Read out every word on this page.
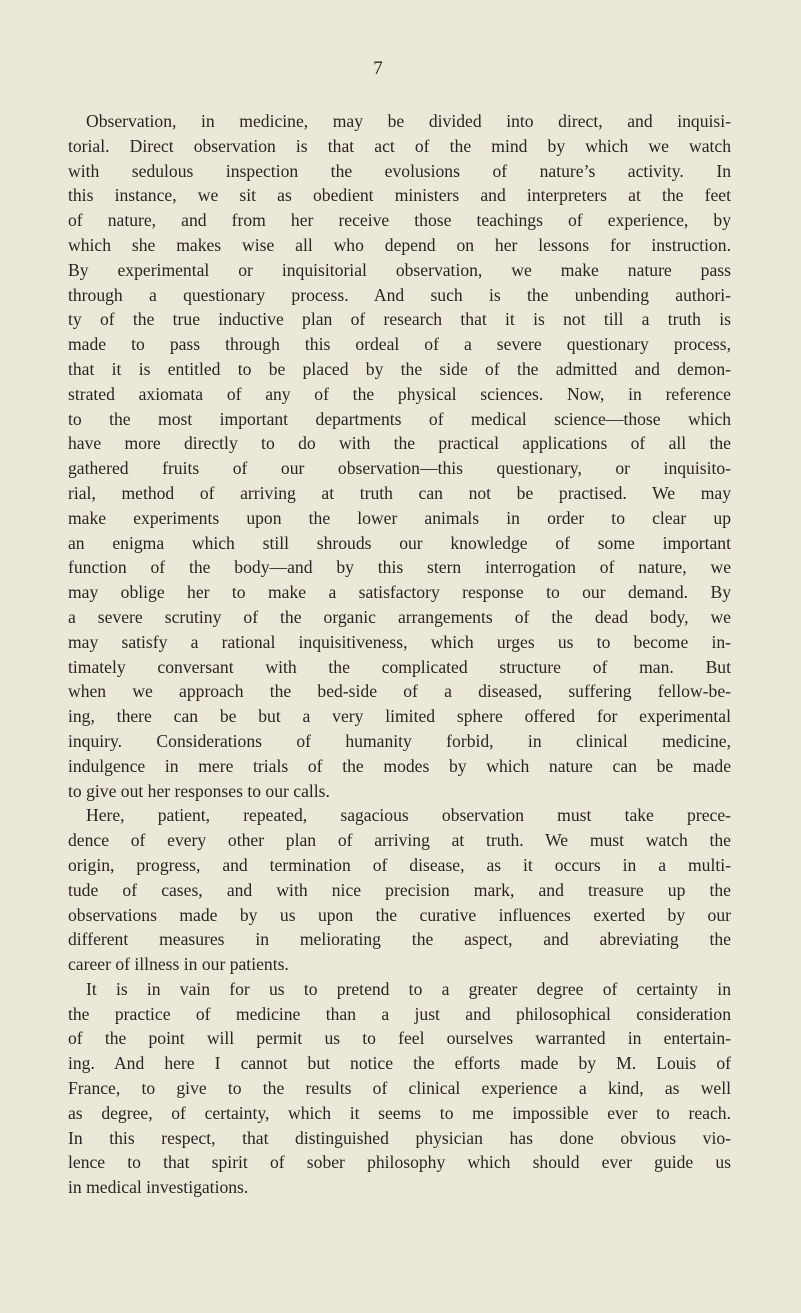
7
Observation, in medicine, may be divided into direct, and inquisi-
torial. Direct observation is that act of the mind by which we watch
with sedulous inspection the evolusions of nature’s activity. In
this instance, we sit as obedient ministers and interpreters at the feet
of nature, and from her receive those teachings of experience, by
which she makes wise all who depend on her lessons for instruction.
By experimental or inquisitorial observation, we make nature pass
through a questionary process. And such is the unbending authori-
ty of the true inductive plan of research that it is not till a truth is
made to pass through this ordeal of a severe questionary process,
that it is entitled to be placed by the side of the admitted and demon-
strated axiomata of any of the physical sciences. Now, in reference
to the most important departments of medical science—those which
have more directly to do with the practical applications of all the
gathered fruits of our observation—this questionary, or inquisito-
rial, method of arriving at truth can not be practised. We may
make experiments upon the lower animals in order to clear up
an enigma which still shrouds our knowledge of some important
function of the body—and by this stern interrogation of nature, we
may oblige her to make a satisfactory response to our demand. By
a severe scrutiny of the organic arrangements of the dead body, we
may satisfy a rational inquisitiveness, which urges us to become in-
timately conversant with the complicated structure of man. But
when we approach the bed-side of a diseased, suffering fellow-be-
ing, there can be but a very limited sphere offered for experimental
inquiry. Considerations of humanity forbid, in clinical medicine,
indulgence in mere trials of the modes by which nature can be made
to give out her responses to our calls.
Here, patient, repeated, sagacious observation must take prece-
dence of every other plan of arriving at truth. We must watch the
origin, progress, and termination of disease, as it occurs in a multi-
tude of cases, and with nice precision mark, and treasure up the
observations made by us upon the curative influences exerted by our
different measures in meliorating the aspect, and abreviating the
career of illness in our patients.
It is in vain for us to pretend to a greater degree of certainty in
the practice of medicine than a just and philosophical consideration
of the point will permit us to feel ourselves warranted in entertain-
ing. And here I cannot but notice the efforts made by M. Louis of
France, to give to the results of clinical experience a kind, as well
as degree, of certainty, which it seems to me impossible ever to reach.
In this respect, that distinguished physician has done obvious vio-
lence to that spirit of sober philosophy which should ever guide us
in medical investigations.
